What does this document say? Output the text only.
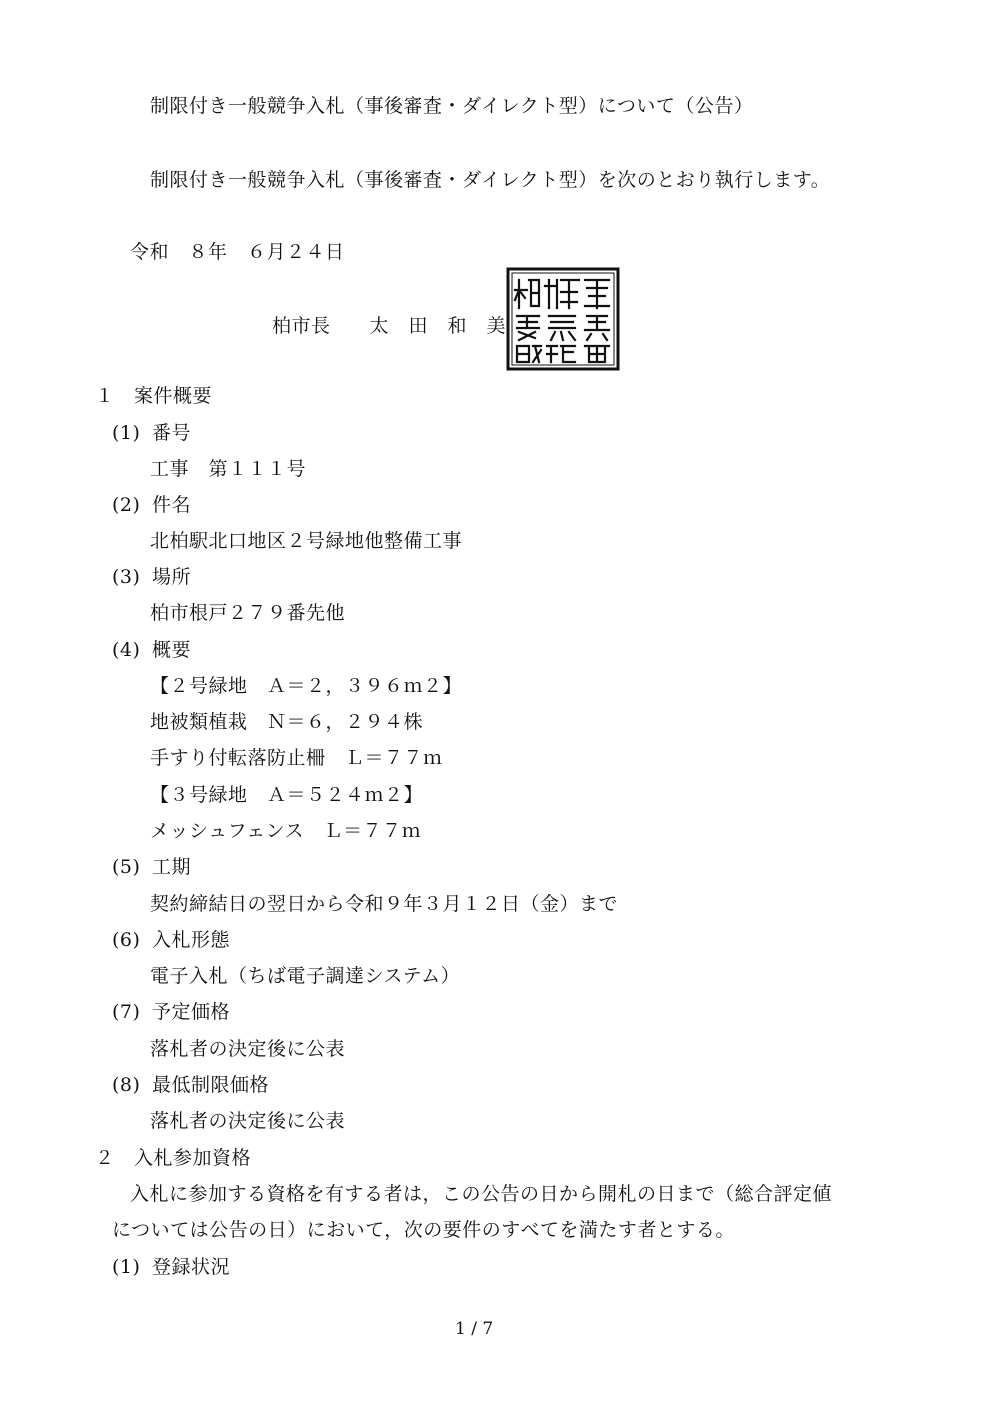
制限付き一般競争入札（事後審査・ダイレクト型）について（公告）
制限付き一般競争入札（事後審査・ダイレクト型）を次のとおり執行します。
令和　８年　６月２４日
柏市長　　太　田　和　美
１　案件概要
(1) 番号
工事　第１１１号
(2) 件名
北柏駅北口地区２号緑地他整備工事
(3) 場所
柏市根戸２７９番先他
(4) 概要
【２号緑地　Ａ＝２，３９６ｍ２】
地被類植栽　Ｎ＝６，２９４株
手すり付転落防止柵　Ｌ＝７７ｍ
【３号緑地　Ａ＝５２４ｍ２】
メッシュフェンス　Ｌ＝７７ｍ
(5) 工期
契約締結日の翌日から令和９年３月１２日（金）まで
(6) 入札形態
電子入札（ちば電子調達システム）
(7) 予定価格
落札者の決定後に公表
(8) 最低制限価格
落札者の決定後に公表
２　入札参加資格
入札に参加する資格を有する者は，この公告の日から開札の日まで（総合評定値
については公告の日）において，次の要件のすべてを満たす者とする。
(1) 登録状況
1 / 7
